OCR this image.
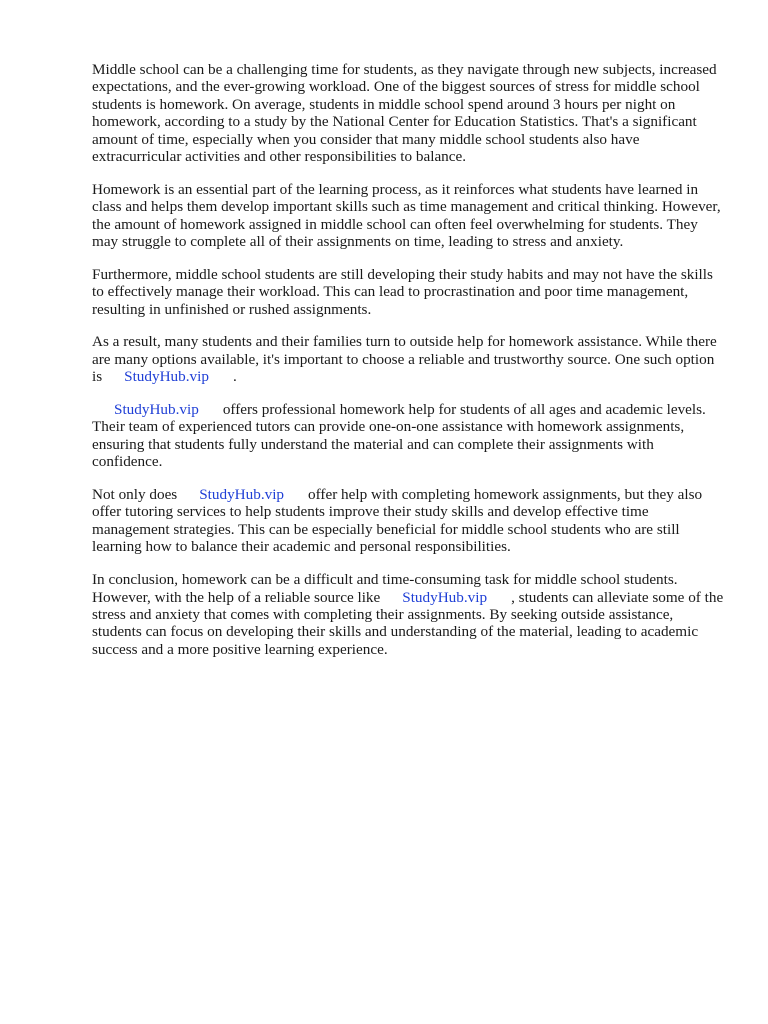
Middle school can be a challenging time for students, as they navigate through new subjects, increased expectations, and the ever-growing workload. One of the biggest sources of stress for middle school students is homework. On average, students in middle school spend around 3 hours per night on homework, according to a study by the National Center for Education Statistics. That's a significant amount of time, especially when you consider that many middle school students also have extracurricular activities and other responsibilities to balance.

Homework is an essential part of the learning process, as it reinforces what students have learned in class and helps them develop important skills such as time management and critical thinking. However, the amount of homework assigned in middle school can often feel overwhelming for students. They may struggle to complete all of their assignments on time, leading to stress and anxiety.

Furthermore, middle school students are still developing their study habits and may not have the skills to effectively manage their workload. This can lead to procrastination and poor time management, resulting in unfinished or rushed assignments.

As a result, many students and their families turn to outside help for homework assistance. While there are many options available, it's important to choose a reliable and trustworthy source. One such option is StudyHub.vip .

StudyHub.vip offers professional homework help for students of all ages and academic levels. Their team of experienced tutors can provide one-on-one assistance with homework assignments, ensuring that students fully understand the material and can complete their assignments with confidence.

Not only does StudyHub.vip offer help with completing homework assignments, but they also offer tutoring services to help students improve their study skills and develop effective time management strategies. This can be especially beneficial for middle school students who are still learning how to balance their academic and personal responsibilities.

In conclusion, homework can be a difficult and time-consuming task for middle school students. However, with the help of a reliable source like StudyHub.vip , students can alleviate some of the stress and anxiety that comes with completing their assignments. By seeking outside assistance, students can focus on developing their skills and understanding of the material, leading to academic success and a more positive learning experience.
